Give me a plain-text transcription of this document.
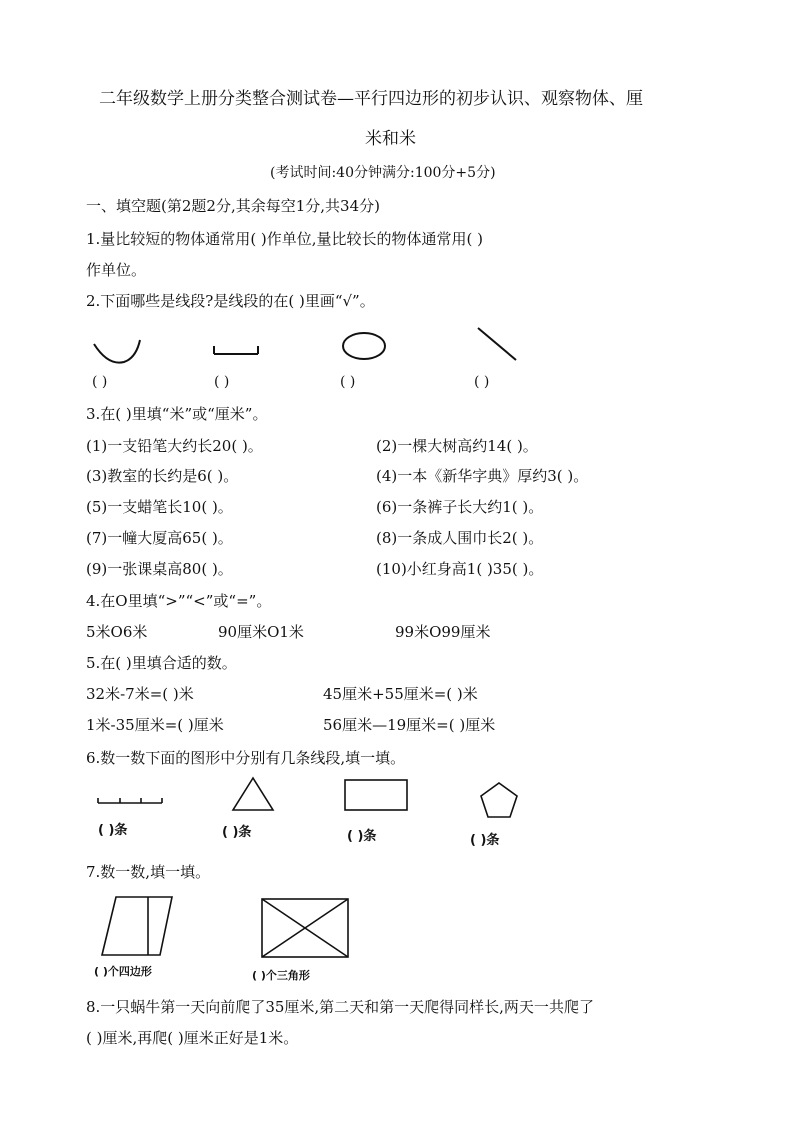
二年级数学上册分类整合测试卷—平行四边形的初步认识、观察物体、厘
米和米
(考试时间:40分钟满分:100分+5分)
一、填空题(第2题2分,其余每空1分,共34分)
1.量比较短的物体通常用( )作单位,量比较长的物体通常用( )
作单位。
2.下面哪些是线段?是线段的在( )里画“√”。
( )	( )	( )	( )
3.在( )里填“米”或“厘米”。
(1)一支铅笔大约长20( )。	(2)一棵大树高约14( )。
(3)教室的长约是6( )。	(4)一本《新华字典》厚约3( )。
(5)一支蜡笔长10( )。	(6)一条裤子长大约1( )。
(7)一幢大厦高65( )。	(8)一条成人围巾长2( )。
(9)一张课桌高80( )。	(10)小红身高1( )35( )。
4.在O里填“>”“<”或“=”。
5米O6米	90厘米O1米	99米O99厘米
5.在( )里填合适的数。
32米-7米=( )米	45厘米+55厘米=( )米
1米-35厘米=( )厘米	56厘米—19厘米=( )厘米
6.数一数下面的图形中分别有几条线段,填一填。
( )条	( )条	( )条	( )条
7.数一数,填一填。
( )个四边形	( )个三角形
8.一只蜗牛第一天向前爬了35厘米,第二天和第一天爬得同样长,两天一共爬了
( )厘米,再爬( )厘米正好是1米。
